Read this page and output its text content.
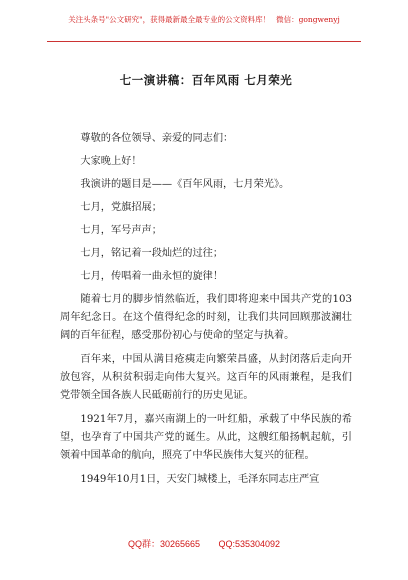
关注头条号"公文研究"，获得最新最全最专业的公文资料库！ 微信：gongwenyj
七一演讲稿：百年风雨 七月荣光

尊敬的各位领导、亲爱的同志们：

大家晚上好！

我演讲的题目是——《百年风雨，七月荣光》。

七月，党旗招展；

七月，军号声声；

七月，铭记着一段灿烂的过往；

七月，传唱着一曲永恒的旋律！

随着七月的脚步悄然临近，我们即将迎来中国共产党的103周年纪念日。在这个值得纪念的时刻，让我们共同回顾那波澜壮阔的百年征程，感受那份初心与使命的坚定与执着。

百年来，中国从满目疮痍走向繁荣昌盛，从封闭落后走向开放包容，从积贫积弱走向伟大复兴。这百年的风雨兼程，是我们党带领全国各族人民砥砺前行的历史见证。

1921年7月，嘉兴南湖上的一叶红船，承载了中华民族的希望，也孕育了中国共产党的诞生。从此，这艘红船扬帆起航，引领着中国革命的航向，照亮了中华民族伟大复兴的征程。

1949年10月1日，天安门城楼上，毛泽东同志庄严宣

QQ群：30265665 QQ:535304092
